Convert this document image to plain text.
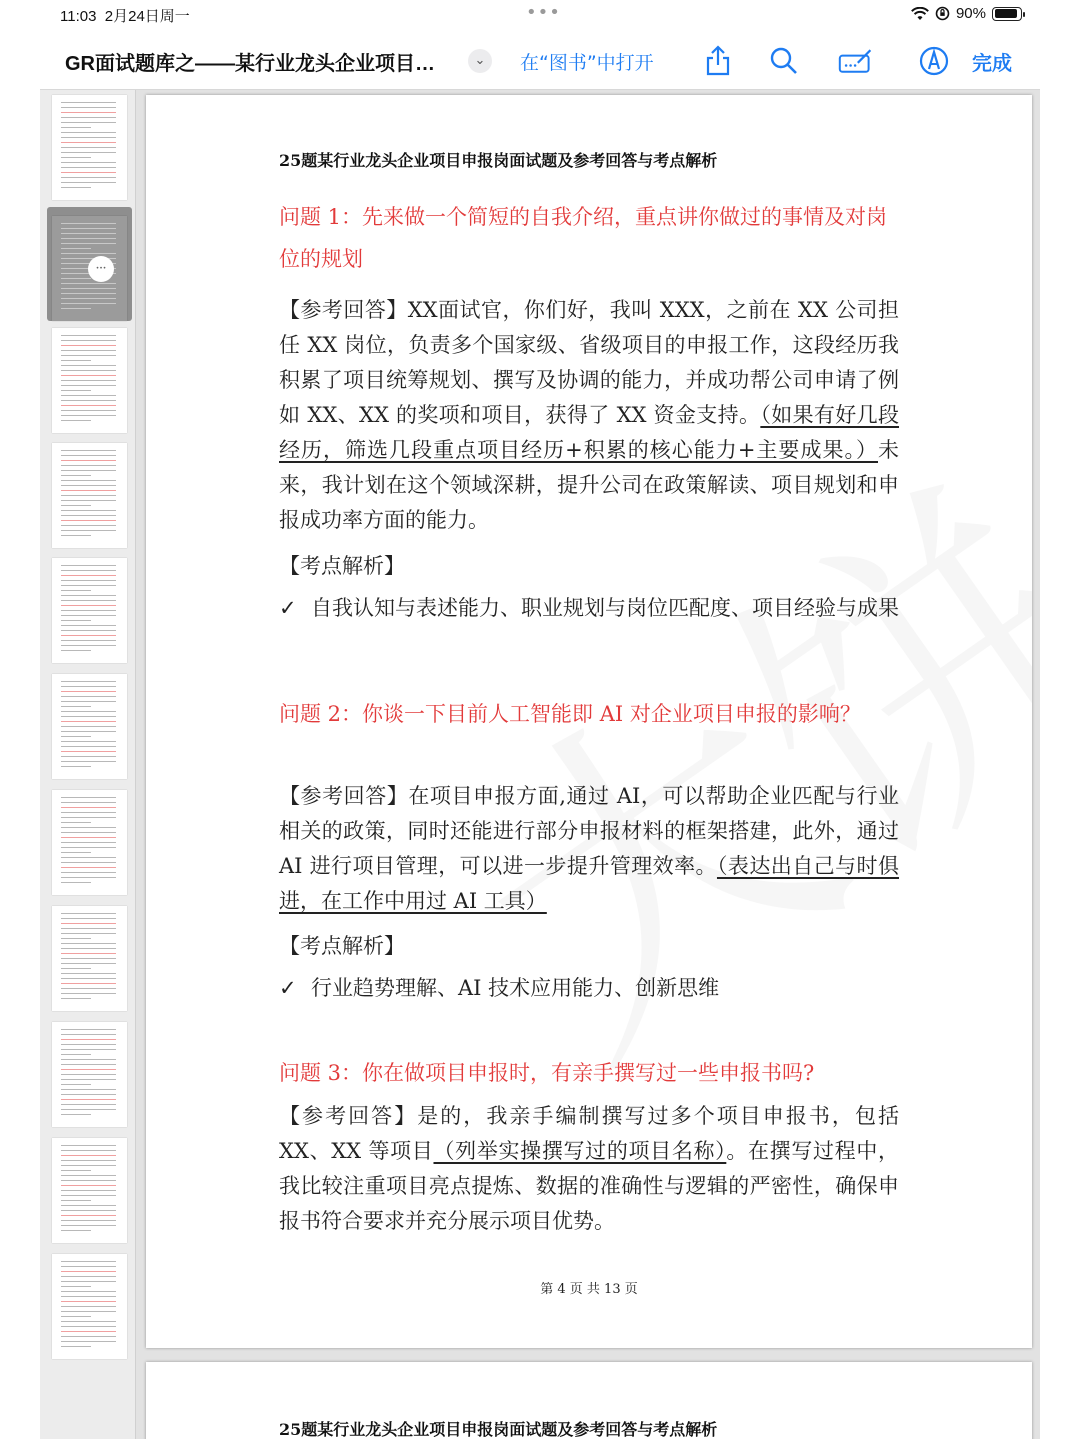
11:03 2月24日周一	•••	90%
GR面试题库之——某行业龙头企业项目…	⌄	在“图书”中打开	完成
•••
25题某行业龙头企业项目申报岗面试题及参考回答与考点解析
问题 1：先来做一个简短的自我介绍，重点讲你做过的事情及对岗位的规划
【参考回答】XX面试官，你们好，我叫 XXX，之前在 XX 公司担任 XX 岗位，负责多个国家级、省级项目的申报工作，这段经历我积累了项目统筹规划、撰写及协调的能力，并成功帮公司申请了例如 XX、XX 的奖项和项目，获得了 XX 资金支持。（如果有好几段经历，筛选几段重点项目经历+积累的核心能力+主要成果。）未来，我计划在这个领域深耕，提升公司在政策解读、项目规划和申报成功率方面的能力。
【考点解析】
✓ 自我认知与表述能力、职业规划与岗位匹配度、项目经验与成果
问题 2：你谈一下目前人工智能即 AI 对企业项目申报的影响？
【参考回答】在项目申报方面,通过 AI，可以帮助企业匹配与行业相关的政策，同时还能进行部分申报材料的框架搭建，此外，通过 AI 进行项目管理，可以进一步提升管理效率。（表达出自己与时俱进，在工作中用过 AI 工具）
【考点解析】
✓ 行业趋势理解、AI 技术应用能力、创新思维
问题 3：你在做项目申报时，有亲手撰写过一些申报书吗?
【参考回答】是的，我亲手编制撰写过多个项目申报书，包括 XX、XX 等项目（列举实操撰写过的项目名称）。在撰写过程中，我比较注重项目亮点提炼、数据的准确性与逻辑的严密性，确保申报书符合要求并充分展示项目优势。
第 4 页 共 13 页
25题某行业龙头企业项目申报岗面试题及参考回答与考点解析
